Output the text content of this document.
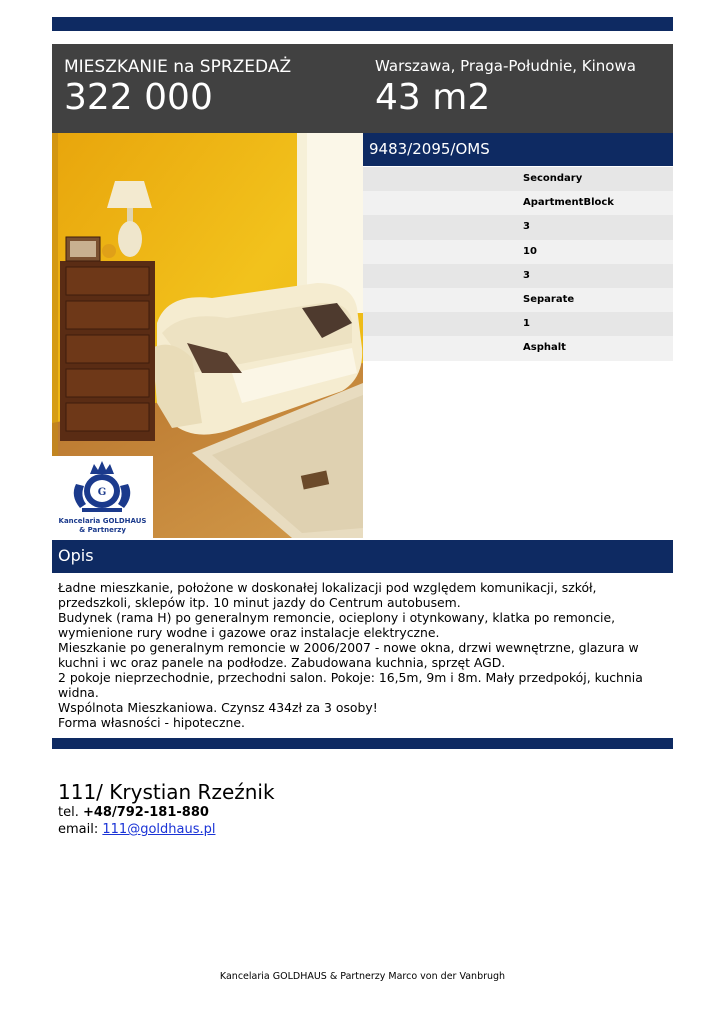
MIESZKANIE na SPRZEDAŻ
322 000
Warszawa, Praga-Południe, Kinowa
43 m2
G
Kancelaria GOLDHAUS
& Partnerzy
9483/2095/OMS
Secondary
ApartmentBlock
3
10
3
Separate
1
Asphalt
Opis
Ładne mieszkanie, położone w doskonałej lokalizacji pod względem komunikacji, szkół, przedszkoli, sklepów itp. 10 minut jazdy do Centrum autobusem.
Budynek (rama H) po generalnym remoncie, ocieplony i otynkowany, klatka po remoncie, wymienione rury wodne i gazowe oraz instalacje elektryczne.
Mieszkanie po generalnym remoncie w 2006/2007 - nowe okna, drzwi wewnętrzne, glazura w kuchni i wc oraz panele na podłodze. Zabudowana kuchnia, sprzęt AGD.
2 pokoje nieprzechodnie, przechodni salon. Pokoje: 16,5m, 9m i 8m. Mały przedpokój, kuchnia widna.
Wspólnota Mieszkaniowa. Czynsz 434zł za 3 osoby!
Forma własności - hipoteczne.
111/ Krystian Rzeźnik
tel. +48/792-181-880
email: 111@goldhaus.pl
Kancelaria GOLDHAUS & Partnerzy Marco von der Vanbrugh
